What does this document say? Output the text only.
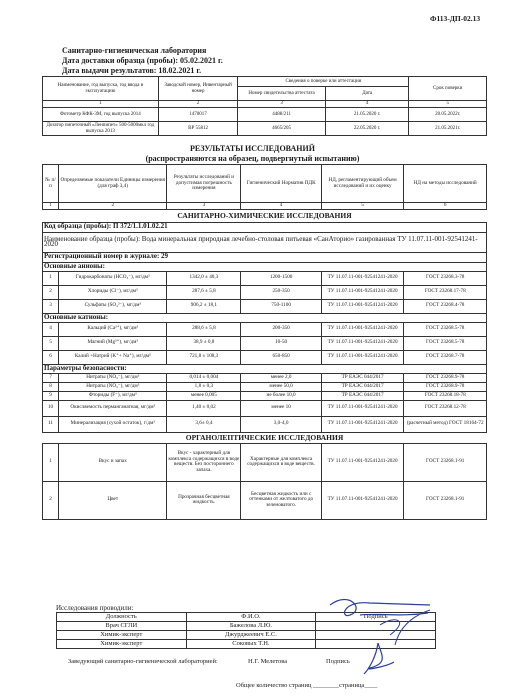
Ф113-ДП-02.13
Санитарно-гигиеническая лаборатория
Дата доставки образца (пробы): 05.02.2021 г.
Дата выдачи результатов: 18.02.2021 г.
Наименование, год выпуска, год ввода в эксплуатацию	Заводской номер, Инвентарный номер	Сведения о поверке или аттестации		Срок поверки
		Номер свидетельства аттестата	Дата	
1	2	3	4	5
Фотометр КФК-3М, год выпуска 2014	1470017	4488/211	21.05.2020 г.	20.05.2022г.
Дозатор пипеточный «Ленпипет» 500-5000мкл год выпуска 2013	ВР 55812	4665/205	22.05.2020 г.	21.05.2021г.
РЕЗУЛЬТАТЫ ИССЛЕДОВАНИЙ
(распространяются на образец, подвергнутый испытанию)
№ п/ п	Определяемые показатели Единицы измерения (для граф 3,4)	Результаты исследований и допустимая погрешность измерения	Гигиенический Норматив ПДК	НД, регламентирующий объем исследований и их оценку	НД на методы исследований
1	2	3	4	5	6
САНИТАРНО-ХИМИЧЕСКИЕ ИССЛЕДОВАНИЯ					
Код образца (пробы): П 372/1.1.01.02.21					
Наименование образца (пробы): Вода минеральная природная лечебно-столовая питьевая «СанАторио» газированная ТУ 11.07.11-001-92541241-2020					
Регистрационный номер в журнале: 29					
Основные анионы:					
1	Гидрокарбонаты (HCO₃⁻), мг/дм³	1342,0 ± 40,3	1200-1500	ТУ 11.07.11-001-92541241-2020	ГОСТ 23268.3-78
2	Хлориды (Cl⁻), мг/дм³	287,6 ± 5,8	250-350	ТУ 11.07.11-001-92541241-2020	ГОСТ 23268.17-78
3	Сульфаты (SO₄²⁻), мг/дм³	906,2 ± 18,1	750-1100	ТУ 11.07.11-001-92541241-2020	ГОСТ 23268.4-78
Основные катионы:					
4	Кальций (Ca²⁺), мг/дм³	288,6 ± 5,8	200-350	ТУ 11.07.11-001-92541241-2020	ГОСТ 23268.5-78
5	Магний (Mg²⁺), мг/дм³	38,9 ± 0,8	10-50	ТУ 11.07.11-001-92541241-2020	ГОСТ 23268.5-78
6	Калий +Натрий (K⁺+ Na⁺), мг/дм³	721,8 ± 108,3	650-850	ТУ 11.07.11-001-92541241-2020	ГОСТ 23268.7-78
Параметры безопасности:					
7	Нитраты (NO₃⁻), мг/дм³	0,014 ± 0,004	менее 2,0	ТР ЕАЭС 044/2017	ГОСТ 23268.9-78
8	Нитраты (NO₃⁻), мг/дм³	1,8 ± 0,3	менее 50,0	ТР ЕАЭС 044/2017	ГОСТ 23268.9-78
9	Фториды (F⁻), мг/дм³	менее 0,005	не более 10,0	ТР ЕАЭС 044/2017	ГОСТ 23268.18-78
10	Окисляемость перманганатная, мг/дм³	1,40 ± 0,02	менее 10	ТУ 11.07.11-001-92541241-2020	ГОСТ 23268.12-78
11	Минерализация (сухой остаток), г/дм³	3,6± 0,4	3,0-4,0	ТУ 11.07.11-001-92541241-2020	(расчетный метод) ГОСТ 18164-72
ОРГАНОЛЕПТИЧЕСКИЕ ИССЛЕДОВАНИЯ					
1	Вкус и запах	Вкус - характерный для комплекса содержащихся в воде веществ. Без постороннего запаха.	Характерные для комплекса содержащихся в воде веществ.	ТУ 11.07.11-001-92541241-2020	ГОСТ 23268.1-91
2	Цвет	Прозрачная бесцветная жидкость.	Бесцветная жидкость или с оттенками от желтоватого до зеленоватого.	ТУ 11.07.11-001-92541241-2020	ГОСТ 23268.1-91
Исследования проводили:
Должность	Ф.И.О.	Подпись
Врач СГЛИ	Бажелова Л.Ю.	
Химик-эксперт	Джурджеевич Е.С.	
Химик-эксперт	Соковых Т.Н.	
Заведующий санитарно-гигиенической лабораторией:	Н.Г. Мелетова	Подпись
Общее количество страниц ________страница____
